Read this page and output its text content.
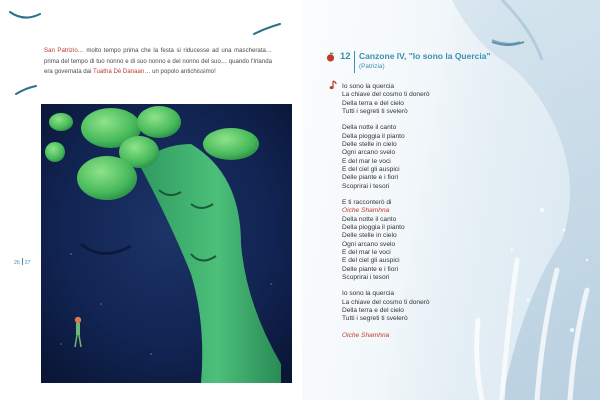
San Patrizio… molto tempo prima che la festa si riducesse ad una mascherata… prima del tempo di tuo nonno e di suo nonno e del nonno del suo… quando l'Irlanda era governata dai Tuatha Dè Danaan… un popolo antichissimo!
26 27
12 Canzone IV, "Io sono la Quercia"
(Patrizia)
Io sono la quercia
La chiave del cosmo ti donerò
Della terra e del cielo
Tutti i segreti ti svelerò
Della notte il canto
Della pioggia il pianto
Delle stelle in cielo
Ogni arcano svelo
E del mar le voci
E del ciel gli auspici
Delle piante e i fiori
Scoprirai i tesori
E ti racconterò di
Oiche Shamhna
Della notte il canto
Della pioggia il pianto
Delle stelle in cielo
Ogni arcano svelo
E del mar le voci
E del ciel gli auspici
Delle piante e i fiori
Scoprirai i tesori
Io sono la quercia
La chiave del cosmo ti donerò
Della terra e del cielo
Tutti i segreti ti svelerò
Oiche Shamhna
